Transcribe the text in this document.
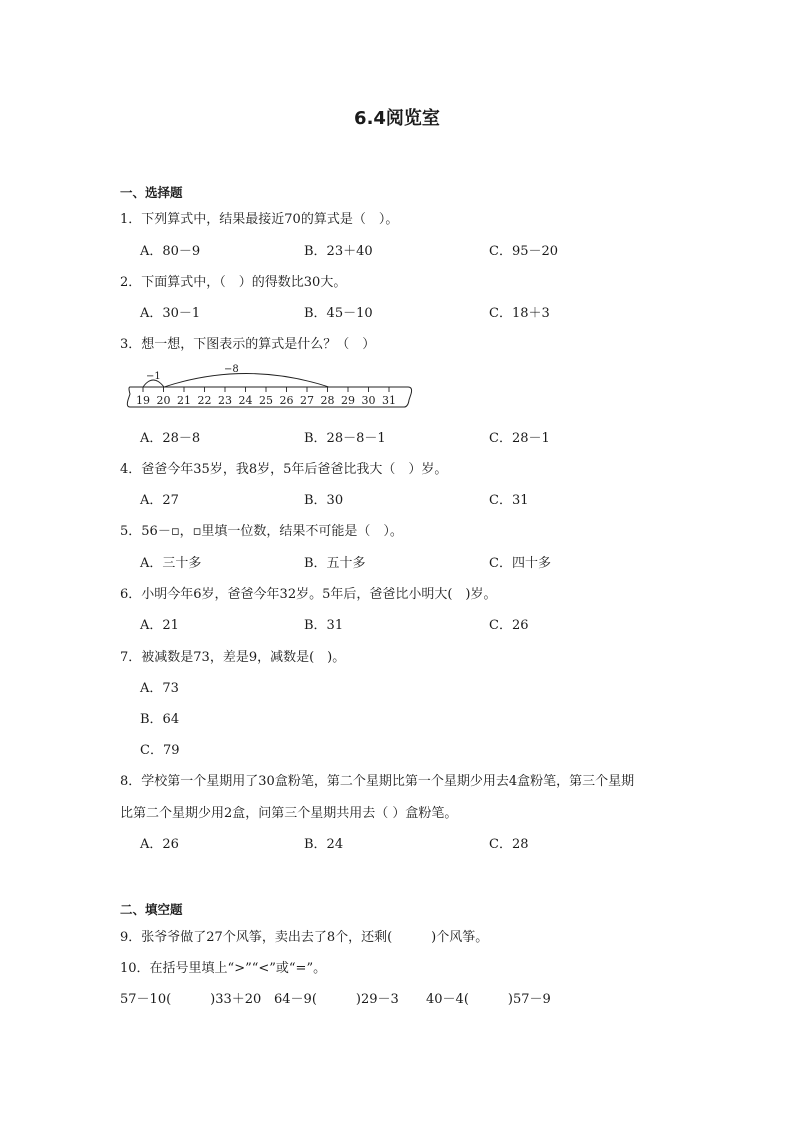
6.4阅览室
一、选择题
1．下列算式中，结果最接近70的算式是（　）。
A．80－9	B．23＋40	C．95－20
2．下面算式中，（　）的得数比30大。
A．30－1	B．45－10	C．18＋3
3．想一想，下图表示的算式是什么？（　）
19 20 21 22 23 24 25 26 27 28 29 30 31
−1
−8
A．28－8	B．28－8－1	C．28－1
4．爸爸今年35岁，我8岁，5年后爸爸比我大（　）岁。
A．27	B．30	C．31
5．56－▫，▫里填一位数，结果不可能是（　）。
A．三十多	B．五十多	C．四十多
6．小明今年6岁，爸爸今年32岁。5年后，爸爸比小明大(　)岁。
A．21	B．31	C．26
7．被减数是73，差是9，减数是(　)。
A．73
B．64
C．79
8．学校第一个星期用了30盒粉笔，第二个星期比第一个星期少用去4盒粉笔，第三个星期
比第二个星期少用2盒，问第三个星期共用去（ ）盒粉笔。
A．26	B．24	C．28
二、填空题
9．张爷爷做了27个风筝，卖出去了8个，还剩(　　　)个风筝。
10．在括号里填上“>”“<”或“=”。
57－10(　　　)33＋20 64－9(　　　)29－3 40－4(　　　)57－9
